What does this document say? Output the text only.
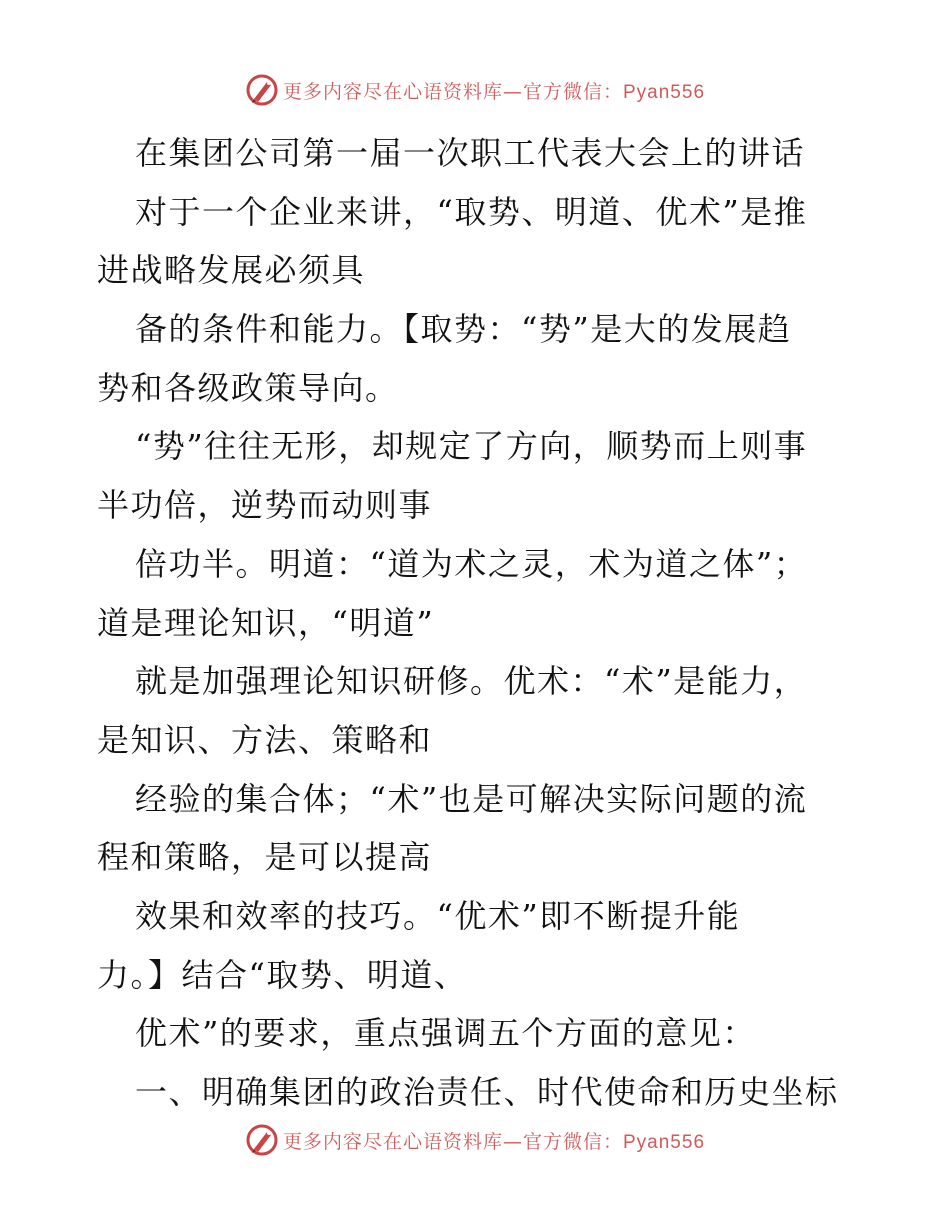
更多内容尽在心语资料库—官方微信：Pyan556
在集团公司第一届一次职工代表大会上的讲话
对于一个企业来讲，“取势、明道、优术”是推
进战略发展必须具
备的条件和能力。【取势：“势”是大的发展趋
势和各级政策导向。
“势”往往无形，却规定了方向，顺势而上则事
半功倍，逆势而动则事
倍功半。明道：“道为术之灵，术为道之体”；
道是理论知识，“明道”
就是加强理论知识研修。优术：“术”是能力，
是知识、方法、策略和
经验的集合体；“术”也是可解决实际问题的流
程和策略，是可以提高
效果和效率的技巧。“优术”即不断提升能
力。】结合“取势、明道、
优术”的要求，重点强调五个方面的意见：
一、明确集团的政治责任、时代使命和历史坐标
更多内容尽在心语资料库—官方微信：Pyan556
